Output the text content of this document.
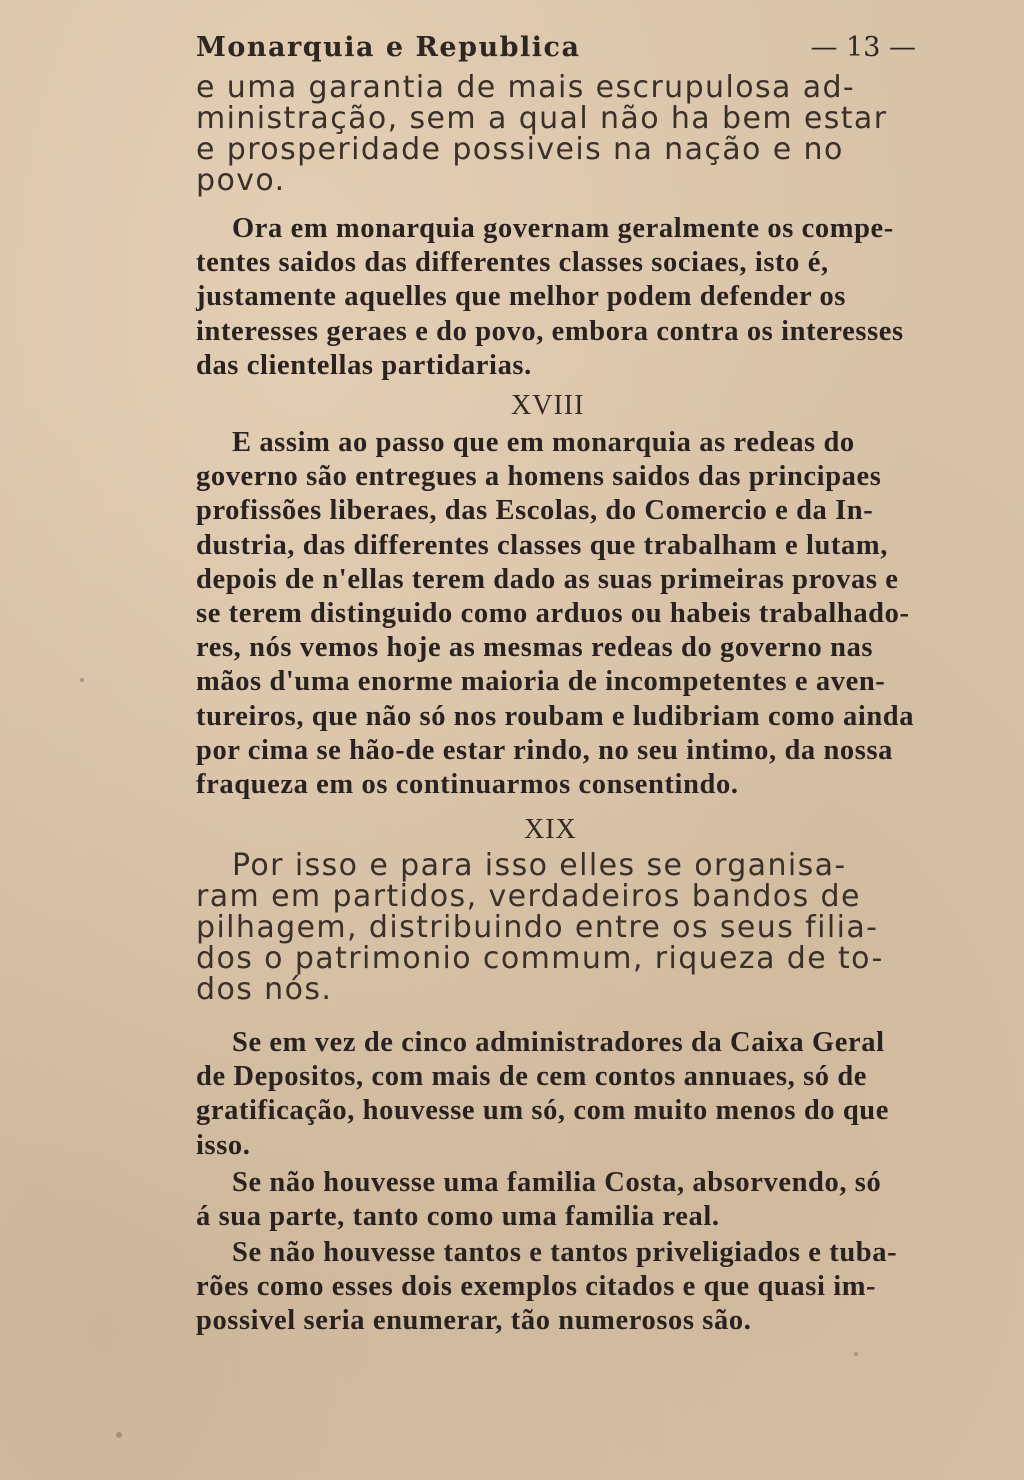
Monarquia e Republica	— 13 —
e uma garantia de mais escrupulosa ad-
ministração, sem a qual não ha bem estar
e prosperidade possiveis na nação e no
povo.
Ora em monarquia governam geralmente os compe-
tentes saidos das differentes classes sociaes, isto é,
justamente aquelles que melhor podem defender os
interesses geraes e do povo, embora contra os interesses
das clientellas partidarias.
XVIII
E assim ao passo que em monarquia as redeas do
governo são entregues a homens saidos das principaes
profissões liberaes, das Escolas, do Comercio e da In-
dustria, das differentes classes que trabalham e lutam,
depois de n'ellas terem dado as suas primeiras provas e
se terem distinguido como arduos ou habeis trabalhado-
res, nós vemos hoje as mesmas redeas do governo nas
mãos d'uma enorme maioria de incompetentes e aven-
tureiros, que não só nos roubam e ludibriam como ainda
por cima se hão-de estar rindo, no seu intimo, da nossa
fraqueza em os continuarmos consentindo.
XIX
Por isso e para isso elles se organisa-
ram em partidos, verdadeiros bandos de
pilhagem, distribuindo entre os seus filia-
dos o patrimonio commum, riqueza de to-
dos nós.
Se em vez de cinco administradores da Caixa Geral
de Depositos, com mais de cem contos annuaes, só de
gratificação, houvesse um só, com muito menos do que
isso.
Se não houvesse uma familia Costa, absorvendo, só
á sua parte, tanto como uma familia real.
Se não houvesse tantos e tantos priveligiados e tuba-
rões como esses dois exemplos citados e que quasi im-
possivel seria enumerar, tão numerosos são.
